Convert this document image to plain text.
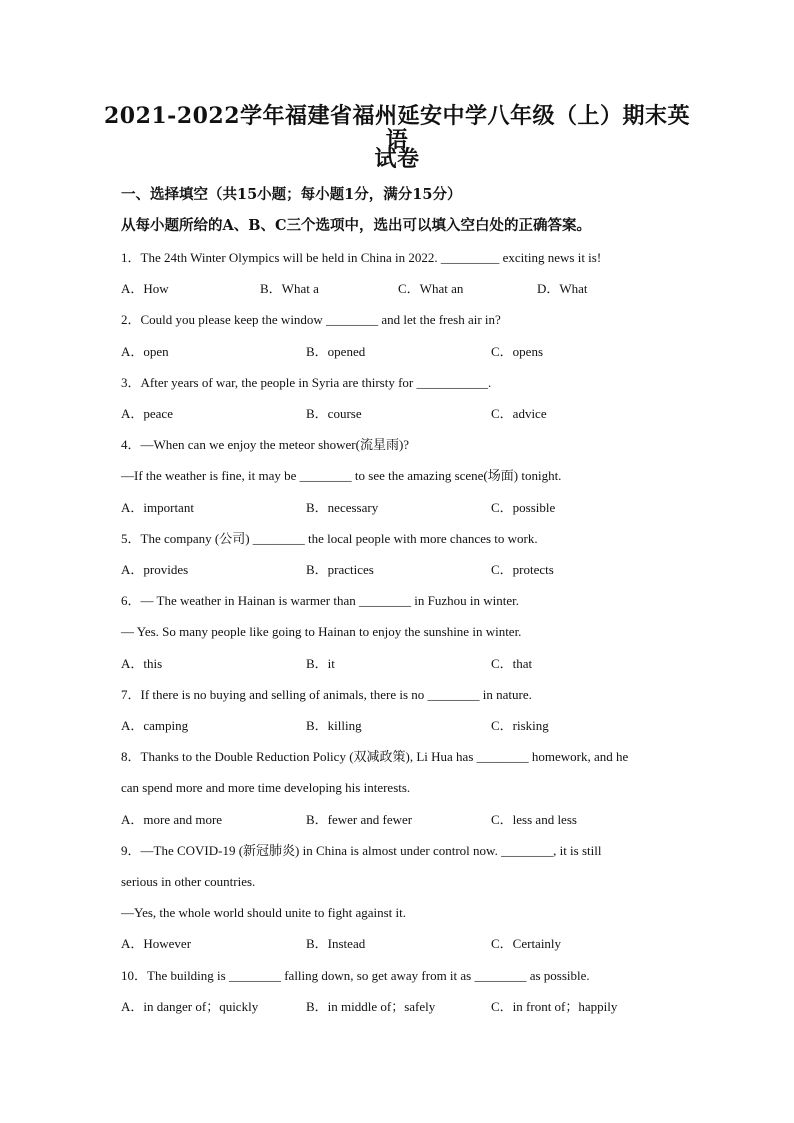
2021-2022学年福建省福州延安中学八年级（上）期末英语
试卷
一、选择填空（共15小题；每小题1分，满分15分）
从每小题所给的A、B、C三个选项中，选出可以填入空白处的正确答案。
1．The 24th Winter Olympics will be held in China in 2022. _________ exciting news it is!
A．How	B．What a	C．What an	D．What
2．Could you please keep the window ________ and let the fresh air in?
A．open	B．opened	C．opens
3．After years of war, the people in Syria are thirsty for ___________.
A．peace	B．course	C．advice
4．—When can we enjoy the meteor shower(流星雨)?
—If the weather is fine, it may be ________ to see the amazing scene(场面) tonight.
A．important	B．necessary	C．possible
5．The company (公司) ________ the local people with more chances to work.
A．provides	B．practices	C．protects
6．— The weather in Hainan is warmer than ________ in Fuzhou in winter.
— Yes. So many people like going to Hainan to enjoy the sunshine in winter.
A．this	B．it	C．that
7．If there is no buying and selling of animals, there is no ________ in nature.
A．camping	B．killing	C．risking
8．Thanks to the Double Reduction Policy (双减政策), Li Hua has ________ homework, and he
can spend more and more time developing his interests.
A．more and more	B．fewer and fewer	C．less and less
9．—The COVID-19 (新冠肺炎) in China is almost under control now. ________, it is still
serious in other countries.
—Yes, the whole world should unite to fight against it.
A．However	B．Instead	C．Certainly
10．The building is ________ falling down, so get away from it as ________ as possible.
A．in danger of；quickly	B．in middle of；safely	C．in front of；happily
